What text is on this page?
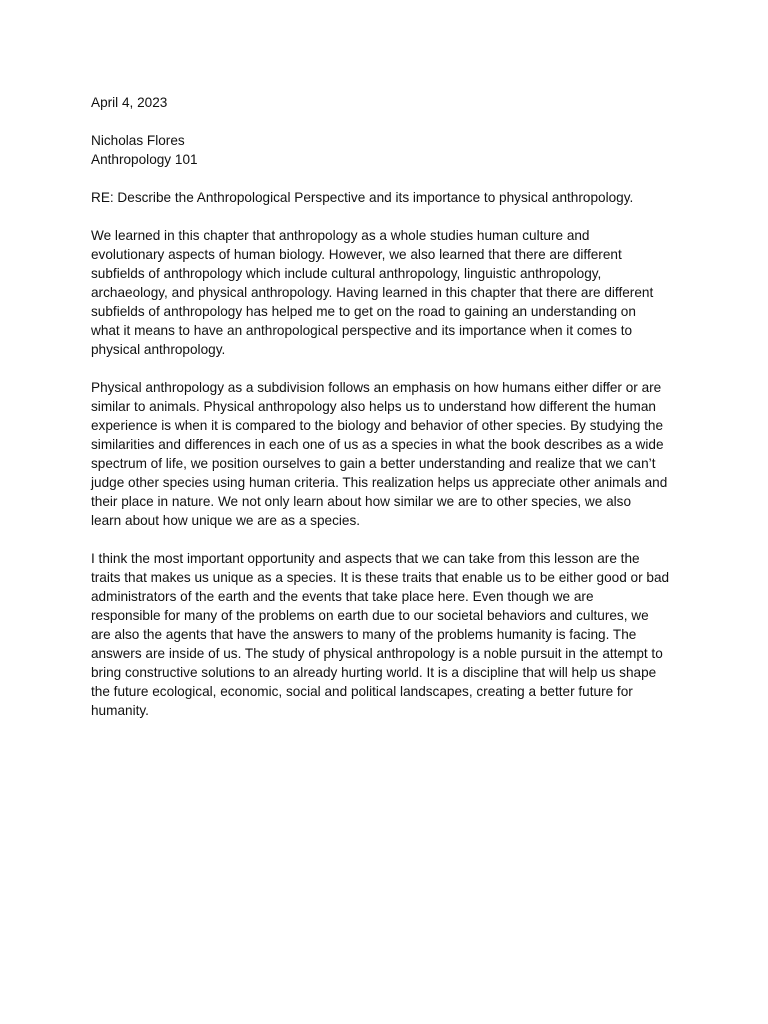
April 4, 2023

Nicholas Flores

Anthropology 101

RE: Describe the Anthropological Perspective and its importance to physical anthropology.

We learned in this chapter that anthropology as a whole studies human culture and

evolutionary aspects of human biology. However, we also learned that there are different

subfields of anthropology which include cultural anthropology, linguistic anthropology,

archaeology, and physical anthropology. Having learned in this chapter that there are different

subfields of anthropology has helped me to get on the road to gaining an understanding on

what it means to have an anthropological perspective and its importance when it comes to

physical anthropology.

Physical anthropology as a subdivision follows an emphasis on how humans either differ or are

similar to animals. Physical anthropology also helps us to understand how different the human

experience is when it is compared to the biology and behavior of other species. By studying the

similarities and differences in each one of us as a species in what the book describes as a wide

spectrum of life, we position ourselves to gain a better understanding and realize that we can’t

judge other species using human criteria. This realization helps us appreciate other animals and

their place in nature. We not only learn about how similar we are to other species, we also

learn about how unique we are as a species.

I think the most important opportunity and aspects that we can take from this lesson are the

traits that makes us unique as a species. It is these traits that enable us to be either good or bad

administrators of the earth and the events that take place here. Even though we are

responsible for many of the problems on earth due to our societal behaviors and cultures, we

are also the agents that have the answers to many of the problems humanity is facing. The

answers are inside of us. The study of physical anthropology is a noble pursuit in the attempt to

bring constructive solutions to an already hurting world. It is a discipline that will help us shape

the future ecological, economic, social and political landscapes, creating a better future for

humanity.
